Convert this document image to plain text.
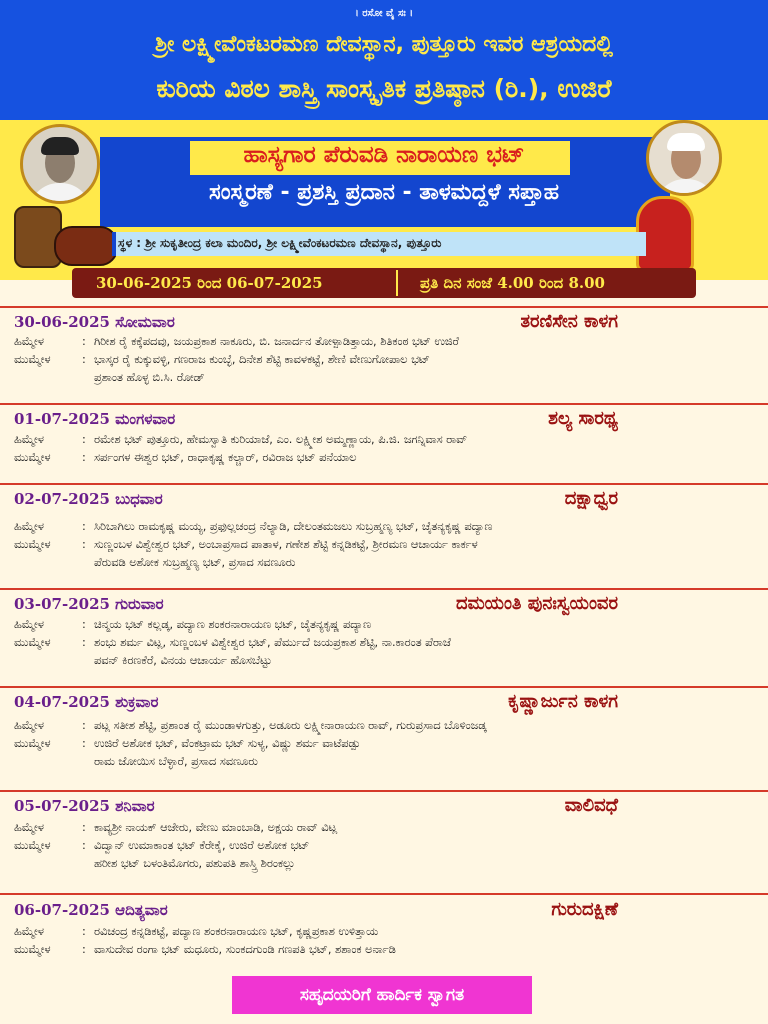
। ರಸೋ ವೈ ಸಃ ।
ಶ್ರೀ ಲಕ್ಷ್ಮೀವೆಂಕಟರಮಣ ದೇವಸ್ಥಾನ, ಪುತ್ತೂರು ಇವರ ಆಶ್ರಯದಲ್ಲಿ
ಕುರಿಯ ವಿಠಲ ಶಾಸ್ತ್ರಿ ಸಾಂಸ್ಕೃತಿಕ ಪ್ರತಿಷ್ಠಾನ (ರಿ.), ಉಜಿರೆ
ಹಾಸ್ಯಗಾರ ಪೆರುವಡಿ ನಾರಾಯಣ ಭಟ್
ಸಂಸ್ಮರಣೆ - ಪ್ರಶಸ್ತಿ ಪ್ರದಾನ - ತಾಳಮದ್ದಳೆ ಸಪ್ತಾಹ
ಸ್ಥಳ : ಶ್ರೀ ಸುಕೃತೀಂದ್ರ ಕಲಾ ಮಂದಿರ, ಶ್ರೀ ಲಕ್ಷ್ಮೀವೆಂಕಟರಮಣ ದೇವಸ್ಥಾನ, ಪುತ್ತೂರು
30-06-2025 ರಿಂದ 06-07-2025	ಪ್ರತಿ ದಿನ ಸಂಜೆ 4.00 ರಿಂದ 8.00
30-06-2025 ಸೋಮವಾರ	ತರಣಿಸೇನ ಕಾಳಗ
ಹಿಮ್ಮೇಳ	: ಗಿರೀಶ ರೈ ಕಕ್ಕೆಪದವು, ಜಯಪ್ರಕಾಶ ನಾಕೂರು, ಬಿ. ಜನಾರ್ದನ ತೋಳ್ಪಾಡಿತ್ತಾಯ, ಶಿತಿಕಂಠ ಭಟ್ ಉಜಿರೆ
ಮುಮ್ಮೇಳ	: ಭಾಸ್ಕರ ರೈ ಕುಕ್ಕುವಳ್ಳಿ, ಗಣರಾಜ ಕುಂಬ್ಳೆ, ದಿನೇಶ ಶೆಟ್ಟಿ ಕಾವಳಕಟ್ಟೆ, ಶೇಣಿ ವೇಣುಗೋಪಾಲ ಭಟ್
ಪ್ರಶಾಂತ ಹೊಳ್ಳ ಬಿ.ಸಿ. ರೋಡ್
01-07-2025 ಮಂಗಳವಾರ	ಶಲ್ಯ ಸಾರಥ್ಯ
ಹಿಮ್ಮೇಳ	: ರಮೇಶ ಭಟ್ ಪುತ್ತೂರು, ಹೇಮಸ್ವಾತಿ ಕುರಿಯಾಜೆ, ಎಂ. ಲಕ್ಷ್ಮೀಶ ಅಮ್ಮಣ್ಣಾಯ, ಪಿ.ಜಿ. ಜಗನ್ನಿವಾಸ ರಾವ್
ಮುಮ್ಮೇಳ	: ಸರ್ಪಂಗಳ ಈಶ್ವರ ಭಟ್, ರಾಧಾಕೃಷ್ಣ ಕಲ್ಚಾರ್, ರವಿರಾಜ ಭಟ್ ಪನೆಯಾಲ
02-07-2025 ಬುಧವಾರ	ದಕ್ಷಾಧ್ವರ
ಹಿಮ್ಮೇಳ	: ಸಿರಿಬಾಗಿಲು ರಾಮಕೃಷ್ಣ ಮಯ್ಯ, ಪ್ರಫುಲ್ಲಚಂದ್ರ ನೆಲ್ಯಾಡಿ, ದೇಲಂತಮಜಲು ಸುಬ್ರಹ್ಮಣ್ಯ ಭಟ್, ಚೈತನ್ಯಕೃಷ್ಣ ಪದ್ಯಾಣ
ಮುಮ್ಮೇಳ	: ಸುಣ್ಣಂಬಳ ವಿಶ್ವೇಶ್ವರ ಭಟ್, ಅಂಬಾಪ್ರಸಾದ ಪಾತಾಳ, ಗಣೇಶ ಶೆಟ್ಟಿ ಕನ್ನಡಿಕಟ್ಟೆ, ಶ್ರೀರಮಣ ಆಚಾರ್ಯ ಕಾರ್ಕಳ
ಪೆರುವಡಿ ಅಶೋಕ ಸುಬ್ರಹ್ಮಣ್ಯ ಭಟ್, ಪ್ರಸಾದ ಸವಣೂರು
03-07-2025 ಗುರುವಾರ	ದಮಯಂತಿ ಪುನಃಸ್ವಯಂವರ
ಹಿಮ್ಮೇಳ	: ಚಿನ್ಮಯ ಭಟ್ ಕಲ್ಲಡ್ಕ, ಪದ್ಯಾಣ ಶಂಕರನಾರಾಯಣ ಭಟ್, ಚೈತನ್ಯಕೃಷ್ಣ ಪದ್ಯಾಣ
ಮುಮ್ಮೇಳ	: ಶಂಭು ಶರ್ಮ ವಿಟ್ಲ, ಸುಣ್ಣಂಬಳ ವಿಶ್ವೇಶ್ವರ ಭಟ್, ಪೆರ್ಮುದೆ ಜಯಪ್ರಕಾಶ ಶೆಟ್ಟಿ, ನಾ.ಕಾರಂತ ಪೆರಾಜೆ
ಪವನ್ ಕಿರಣಕೆರೆ, ವಿನಯ ಆಚಾರ್ಯ ಹೊಸಬೆಟ್ಟು
04-07-2025 ಶುಕ್ರವಾರ	ಕೃಷ್ಣಾರ್ಜುನ ಕಾಳಗ
ಹಿಮ್ಮೇಳ	: ಪಟ್ಲ ಸತೀಶ ಶೆಟ್ಟಿ, ಪ್ರಶಾಂತ ರೈ ಮುಂಡಾಳಗುತ್ತು, ಅಡೂರು ಲಕ್ಷ್ಮೀನಾರಾಯಣ ರಾವ್, ಗುರುಪ್ರಸಾದ ಬೊಳಿಂಜಡ್ಕ
ಮುಮ್ಮೇಳ	: ಉಜಿರೆ ಅಶೋಕ ಭಟ್, ವೆಂಕಟ್ರಾಮ ಭಟ್ ಸುಳ್ಯ, ವಿಷ್ಣು ಶರ್ಮ ವಾಟೆಪಡ್ಪು
ರಾಮ ಜೋಯಿಸ ಬೆಳ್ಳಾರೆ, ಪ್ರಸಾದ ಸವಣೂರು
05-07-2025 ಶನಿವಾರ	ವಾಲಿವಧೆ
ಹಿಮ್ಮೇಳ	: ಕಾವ್ಯಶ್ರೀ ನಾಯಕ್ ಆಜೇರು, ವೇಣು ಮಾಂಬಾಡಿ, ಅಕ್ಷಯ ರಾವ್ ವಿಟ್ಲ
ಮುಮ್ಮೇಳ	: ವಿದ್ವಾನ್ ಉಮಾಕಾಂತ ಭಟ್ ಕೆರೇಕೈ, ಉಜಿರೆ ಅಶೋಕ ಭಟ್
ಹರೀಶ ಭಟ್ ಬಳಂತಿಮೊಗರು, ಪಶುಪತಿ ಶಾಸ್ತ್ರಿ ಶಿರಂಕಲ್ಲು
06-07-2025 ಆದಿತ್ಯವಾರ	ಗುರುದಕ್ಷಿಣೆ
ಹಿಮ್ಮೇಳ	: ರವಿಚಂದ್ರ ಕನ್ನಡಿಕಟ್ಟೆ, ಪದ್ಯಾಣ ಶಂಕರನಾರಾಯಣ ಭಟ್, ಕೃಷ್ಣಪ್ರಕಾಶ ಉಳಿತ್ತಾಯ
ಮುಮ್ಮೇಳ	: ವಾಸುದೇವ ರಂಗಾ ಭಟ್ ಮಧೂರು, ಸುಂಕದಗುಂಡಿ ಗಣಪತಿ ಭಟ್, ಶಶಾಂಕ ಅರ್ನಾಡಿ
ಸಹೃದಯರಿಗೆ ಹಾರ್ದಿಕ ಸ್ವಾಗತ
